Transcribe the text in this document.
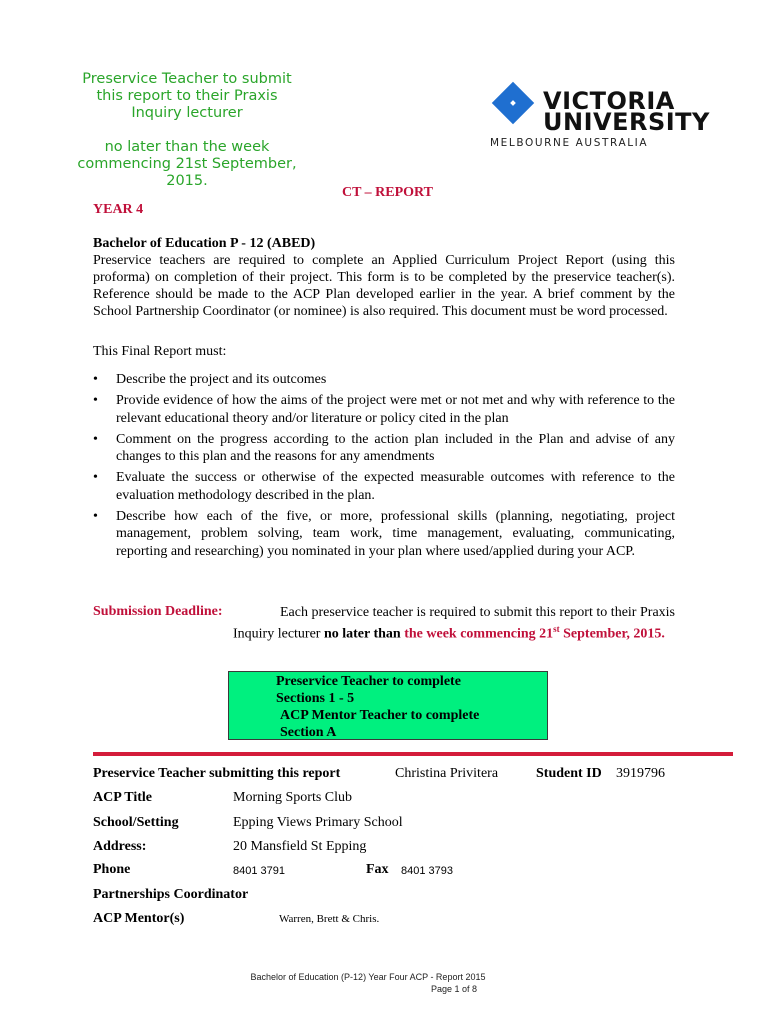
Preservice Teacher to submit

this report to their Praxis

Inquiry lecturer

no later than the week

commencing 21st September,

2015.

VICTORIA
UNIVERSITY
MELBOURNE AUSTRALIA
CT – REPORT
YEAR 4
Bachelor of Education P - 12 (ABED)
Preservice teachers are required to complete an Applied Curriculum Project Report (using this proforma) on completion of their project. This form is to be completed by the preservice teacher(s). Reference should be made to the ACP Plan developed earlier in the year. A brief comment by the School Partnership Coordinator (or nominee) is also required. This document must be word processed.
This Final Report must:
• Describe the project and its outcomes
• Provide evidence of how the aims of the project were met or not met and why with reference to the relevant educational theory and/or literature or policy cited in the plan
• Comment on the progress according to the action plan included in the Plan and advise of any changes to this plan and the reasons for any amendments
• Evaluate the success or otherwise of the expected measurable outcomes with reference to the evaluation methodology described in the plan.
• Describe how each of the five, or more, professional skills (planning, negotiating, project management, problem solving, team work, time management, evaluating, communicating, reporting and researching) you nominated in your plan where used/applied during your ACP.
Submission Deadline:	Each preservice teacher is required to submit this report to their Praxis Inquiry lecturer no later than the week commencing 21st September, 2015.
Preservice Teacher to complete
Sections 1 - 5
ACP Mentor Teacher to complete
Section A
Preservice Teacher submitting this report	Christina Privitera	Student ID 3919796
ACP Title	Morning Sports Club
School/Setting	Epping Views Primary School
Address:	20 Mansfield St Epping
Phone	8401 3791	Fax 8401 3793
Partnerships Coordinator
ACP Mentor(s)	Warren, Brett & Chris.
Bachelor of Education (P-12) Year Four ACP - Report 2015
Page 1 of 8
